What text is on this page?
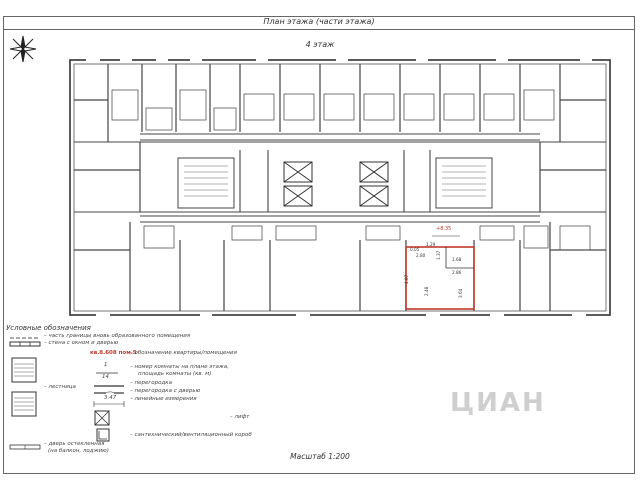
План этажа (части этажа)
4 этаж
+8.35
2.80
2.86
4.87
2.48	3.64
1.68
0.05
1.29
1.37
Условные обозначения
– часть границы вновь образованного помещения
– стена с окном и дверью
кв.8.608 пом.5
– обозначение квартиры/помещения
– лестница
1
14
– номер комнаты на плане этажа,
площадь комнаты (кв. м)
– перегородка
– перегородка с дверью
3.47	– линейные измерения
– лифт
– сантехнический/вентиляционный короб
– дверь остекленная
(на балкон, лоджию)
ЦИАН
Масштаб 1:200
